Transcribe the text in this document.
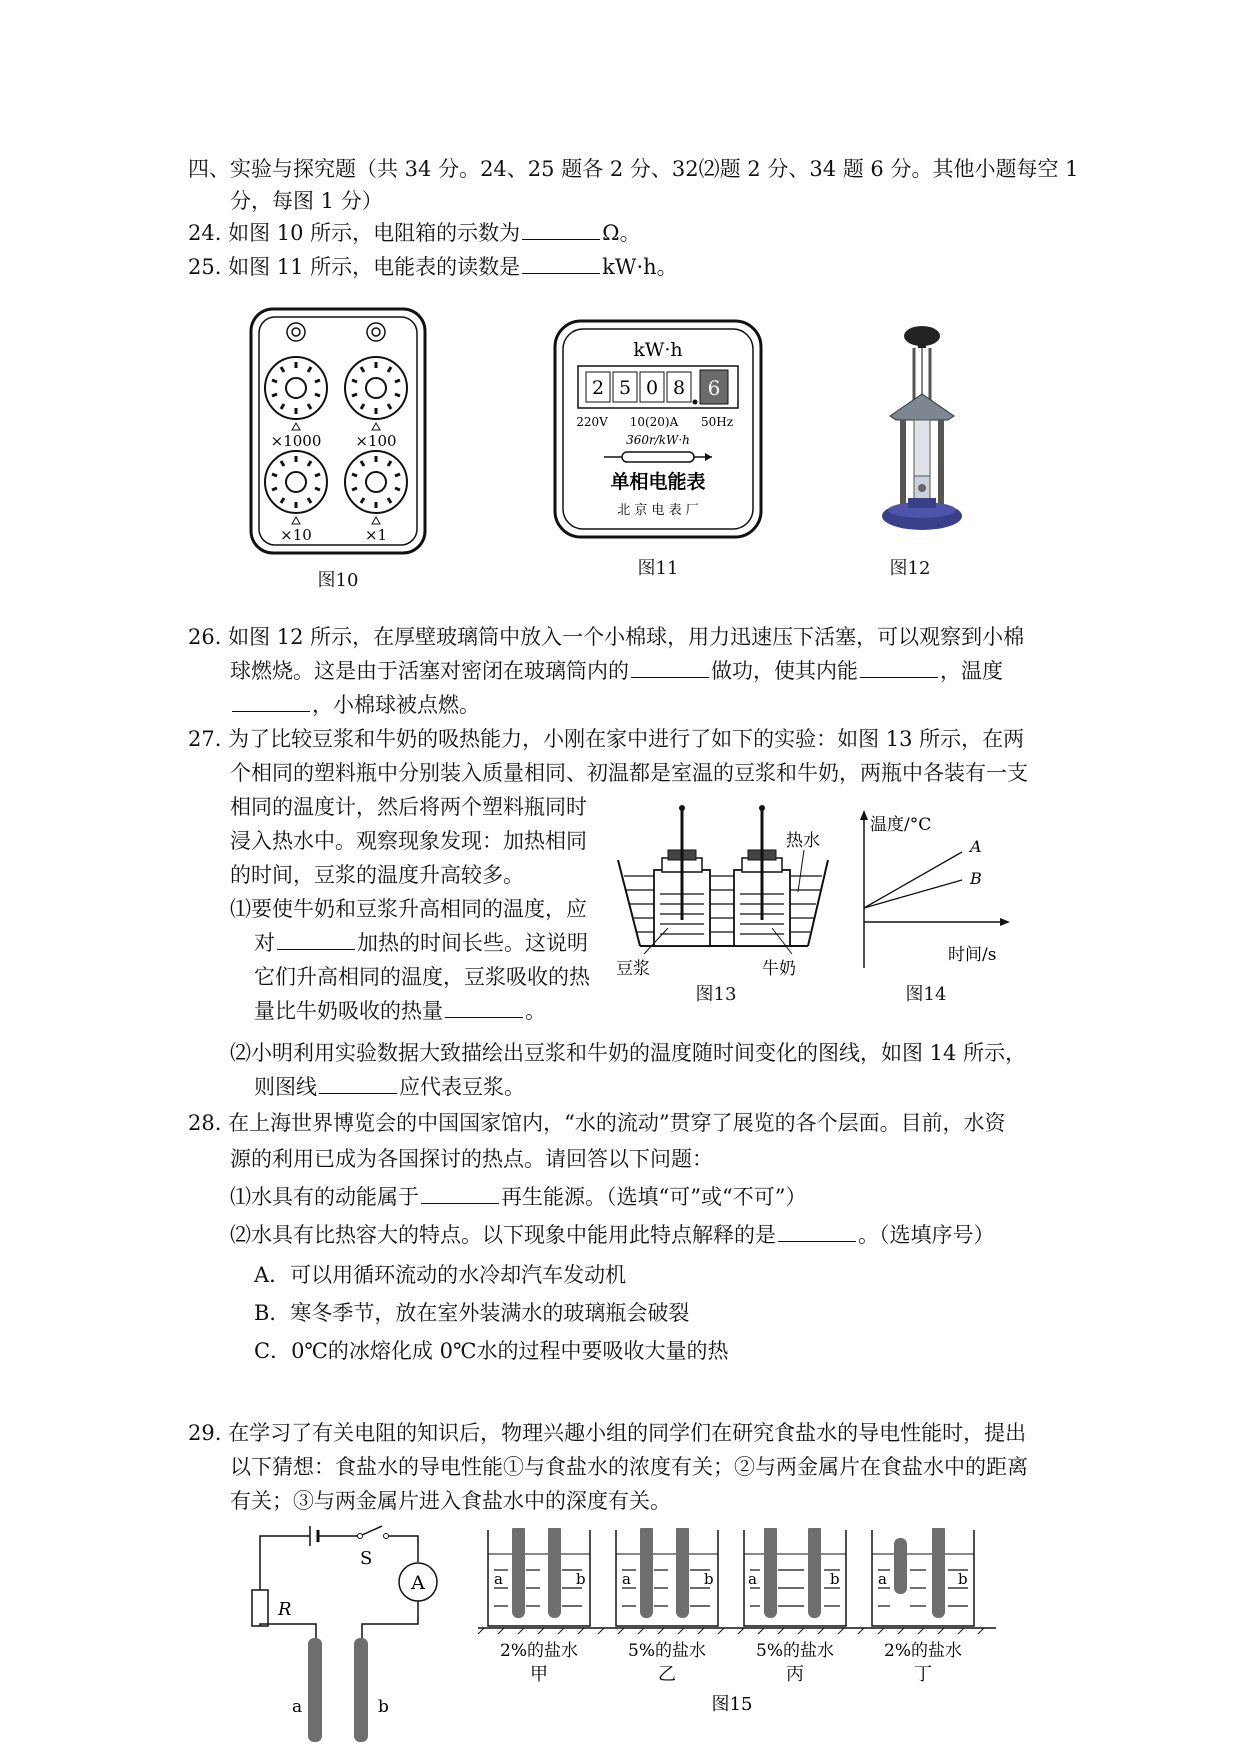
四、实验与探究题（共 34 分。24、25 题各 2 分、32⑵题 2 分、34 题 6 分。其他小题每空 1
分，每图 1 分）
24. 如图 10 所示，电阻箱的示数为	Ω。
25. 如图 11 所示，电能表的读数是	kW·h。
×1000 ×100
×10	×1
图10
kW·h
2 5 0 8 6
220V 10(20)A 50Hz
360r/kW·h
单相电能表
北 京 电 表 厂
图11	图12
26. 如图 12 所示，在厚壁玻璃筒中放入一个小棉球，用力迅速压下活塞，可以观察到小棉
球燃烧。这是由于活塞对密闭在玻璃筒内的	做功，使其内能	，温度
，小棉球被点燃。
27. 为了比较豆浆和牛奶的吸热能力，小刚在家中进行了如下的实验：如图 13 所示，在两
个相同的塑料瓶中分别装入质量相同、初温都是室温的豆浆和牛奶，两瓶中各装有一支
相同的温度计，然后将两个塑料瓶同时
浸入热水中。观察现象发现：加热相同
的时间，豆浆的温度升高较多。
⑴要使牛奶和豆浆升高相同的温度，应
对	加热的时间长些。这说明
它们升高相同的温度，豆浆吸收的热
量比牛奶吸收的热量	。
热水
豆浆	牛奶
图13
温度/°C
时间/s
A
B
图14
⑵小明利用实验数据大致描绘出豆浆和牛奶的温度随时间变化的图线，如图 14 所示，
则图线	应代表豆浆。
28. 在上海世界博览会的中国国家馆内，“水的流动”贯穿了展览的各个层面。目前，水资
源的利用已成为各国探讨的热点。请回答以下问题：
⑴水具有的动能属于	再生能源。（选填“可”或“不可”）
⑵水具有比热容大的特点。以下现象中能用此特点解释的是	。（选填序号）
A．可以用循环流动的水冷却汽车发动机
B．寒冬季节，放在室外装满水的玻璃瓶会破裂
C．0℃的冰熔化成 0℃水的过程中要吸收大量的热
29. 在学习了有关电阻的知识后，物理兴趣小组的同学们在研究食盐水的导电性能时，提出
以下猜想：食盐水的导电性能①与食盐水的浓度有关；②与两金属片在食盐水中的距离
有关；③与两金属片进入食盐水中的深度有关。
S
A
R
a	b
a	b a	b a	b	a	b
2%的盐水
甲
5%的盐水
乙
5%的盐水
丙
2%的盐水
丁
图15
